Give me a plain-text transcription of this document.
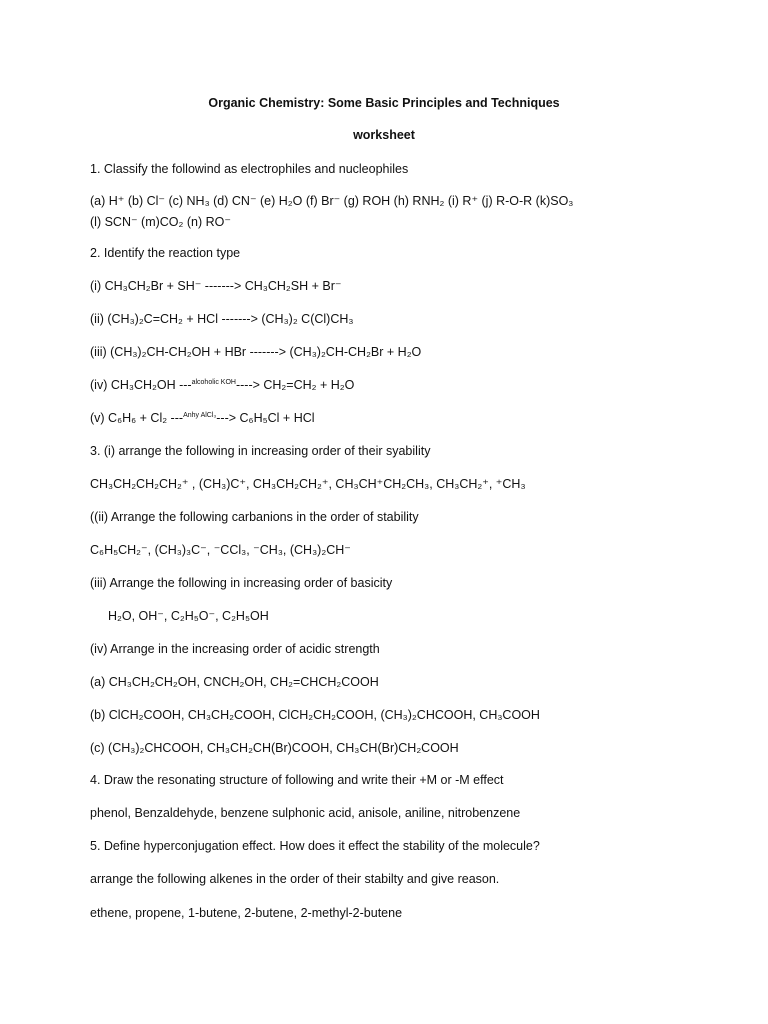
Organic Chemistry: Some Basic Principles and Techniques
worksheet
1. Classify the followind as electrophiles and nucleophiles
(a) H⁺ (b) Cl⁻ (c) NH₃ (d) CN⁻ (e) H₂O (f) Br⁻ (g) ROH (h) RNH₂ (i) R⁺ (j) R-O-R (k)SO₃
(l) SCN⁻ (m)CO₂ (n) RO⁻
2. Identify the reaction type
(i) CH₃CH₂Br + SH⁻ -------> CH₃CH₂SH + Br⁻
(ii) (CH₃)₂C=CH₂ + HCl -------> (CH₃)₂ C(Cl)CH₃
(iii) (CH₃)₂CH-CH₂OH + HBr -------> (CH₃)₂CH-CH₂Br + H₂O
(iv) CH₃CH₂OH ---$^{alcoholic KOH}$----> CH₂=CH₂ + H₂O
(v) C₆H₆ + Cl₂ ---$^{Anhy AlCl_3}$---> C₆H₅Cl + HCl
3. (i) arrange the following in increasing order of their syability
CH₃CH₂CH₂CH₂⁺ , (CH₃)C⁺, CH₃CH₂CH₂⁺, CH₃CH⁺CH₂CH₃, CH₃CH₂⁺, ⁺CH₃
((ii) Arrange the following carbanions in the order of stability
C₆H₅CH₂⁻, (CH₃)₃C⁻, ⁻CCl₃, ⁻CH₃, (CH₃)₂CH⁻
(iii) Arrange the following in increasing order of basicity
H₂O, OH⁻, C₂H₅O⁻, C₂H₅OH
(iv) Arrange in the increasing order of acidic strength
(a) CH₃CH₂CH₂OH, CNCH₂OH, CH₂=CHCH₂COOH
(b) ClCH₂COOH, CH₃CH₂COOH, ClCH₂CH₂COOH, (CH₃)₂CHCOOH, CH₃COOH
(c) (CH₃)₂CHCOOH, CH₃CH₂CH(Br)COOH, CH₃CH(Br)CH₂COOH
4. Draw the resonating structure of following and write their +M or -M effect
phenol, Benzaldehyde, benzene sulphonic acid, anisole, aniline, nitrobenzene
5. Define hyperconjugation effect. How does it effect the stability of the molecule?
arrange the following alkenes in the order of their stabilty and give reason.
ethene, propene, 1-butene, 2-butene, 2-methyl-2-butene
